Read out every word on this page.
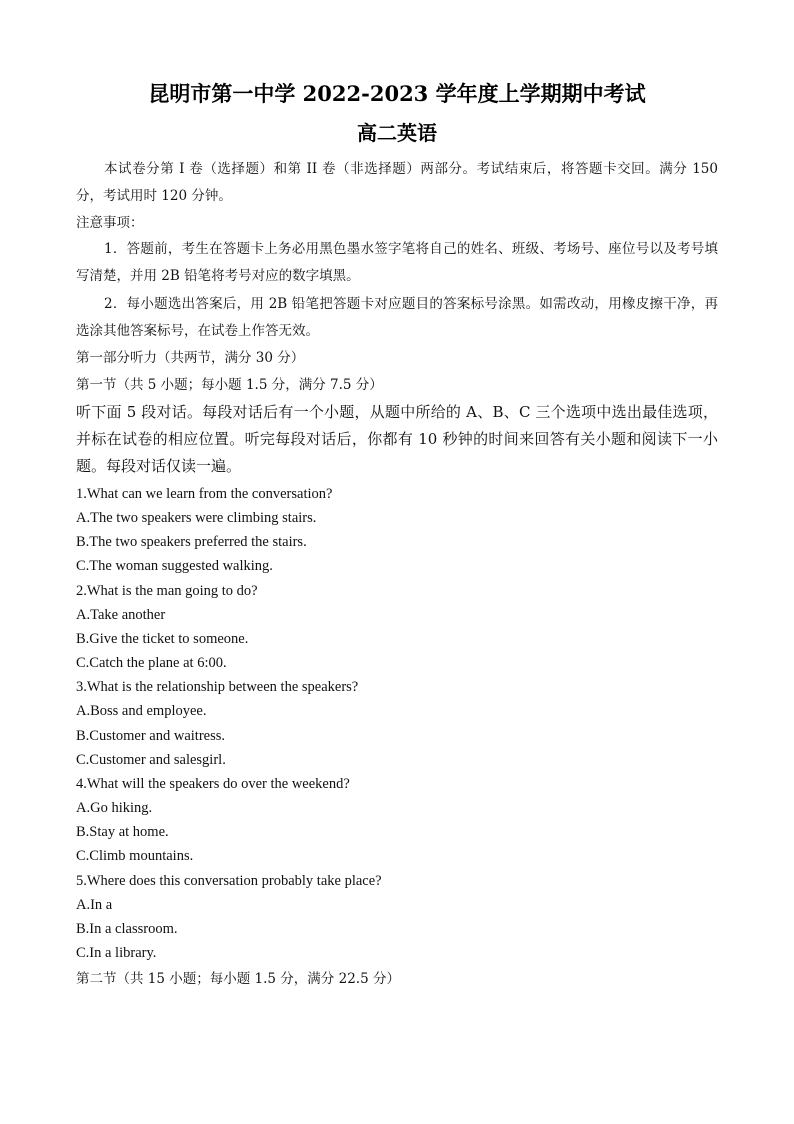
昆明市第一中学 2022-2023 学年度上学期期中考试
高二英语
本试卷分第 I 卷（选择题）和第 II 卷（非选择题）两部分。考试结束后，将答题卡交回。满分 150 分，考试用时 120 分钟。
注意事项：
1．答题前，考生在答题卡上务必用黑色墨水签字笔将自己的姓名、班级、考场号、座位号以及考号填写清楚，并用 2B 铅笔将考号对应的数字填黑。
2．每小题选出答案后，用 2B 铅笔把答题卡对应题目的答案标号涂黑。如需改动，用橡皮擦干净，再选涂其他答案标号，在试卷上作答无效。
第一部分听力（共两节，满分 30 分）
第一节（共 5 小题；每小题 1.5 分，满分 7.5 分）
听下面 5 段对话。每段对话后有一个小题，从题中所给的 A、B、C 三个选项中选出最佳选项，并标在试卷的相应位置。听完每段对话后，你都有 10 秒钟的时间来回答有关小题和阅读下一小题。每段对话仅读一遍。
1.What can we learn from the conversation?
A.The two speakers were climbing stairs.
B.The two speakers preferred the stairs.
C.The woman suggested walking.
2.What is the man going to do?
A.Take another
B.Give the ticket to someone.
C.Catch the plane at 6:00.
3.What is the relationship between the speakers?
A.Boss and employee.
B.Customer and waitress.
C.Customer and salesgirl.
4.What will the speakers do over the weekend?
A.Go hiking.
B.Stay at home.
C.Climb mountains.
5.Where does this conversation probably take place?
A.In a
B.In a classroom.
C.In a library.
第二节（共 15 小题；每小题 1.5 分，满分 22.5 分）
